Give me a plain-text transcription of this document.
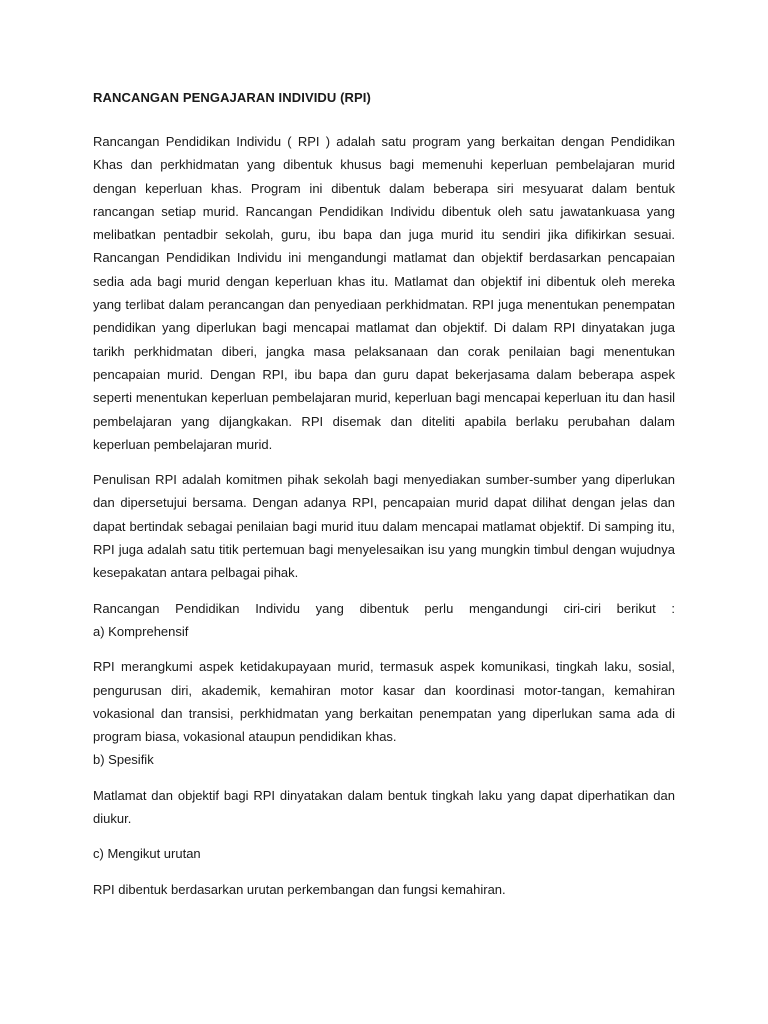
RANCANGAN PENGAJARAN INDIVIDU (RPI)

Rancangan Pendidikan Individu ( RPI ) adalah satu program yang berkaitan dengan Pendidikan Khas dan perkhidmatan yang dibentuk khusus bagi memenuhi keperluan pembelajaran murid dengan keperluan khas. Program ini dibentuk dalam beberapa siri mesyuarat dalam bentuk rancangan setiap murid. Rancangan Pendidikan Individu dibentuk oleh satu jawatankuasa yang melibatkan pentadbir sekolah, guru, ibu bapa dan juga murid itu sendiri jika difikirkan sesuai. Rancangan Pendidikan Individu ini mengandungi matlamat dan objektif berdasarkan pencapaian sedia ada bagi murid dengan keperluan khas itu. Matlamat dan objektif ini dibentuk oleh mereka yang terlibat dalam perancangan dan penyediaan perkhidmatan. RPI juga menentukan penempatan pendidikan yang diperlukan bagi mencapai matlamat dan objektif. Di dalam RPI dinyatakan juga tarikh perkhidmatan diberi, jangka masa pelaksanaan dan corak penilaian bagi menentukan pencapaian murid. Dengan RPI, ibu bapa dan guru dapat bekerjasama dalam beberapa aspek seperti menentukan keperluan pembelajaran murid, keperluan bagi mencapai keperluan itu dan hasil pembelajaran yang dijangkakan. RPI disemak dan diteliti apabila berlaku perubahan dalam keperluan pembelajaran murid.

Penulisan RPI adalah komitmen pihak sekolah bagi menyediakan sumber-sumber yang diperlukan dan dipersetujui bersama. Dengan adanya RPI, pencapaian murid dapat dilihat dengan jelas dan dapat bertindak sebagai penilaian bagi murid ituu dalam mencapai matlamat objektif. Di samping itu, RPI juga adalah satu titik pertemuan bagi menyelesaikan isu yang mungkin timbul dengan wujudnya kesepakatan antara pelbagai pihak.

Rancangan Pendidikan Individu yang dibentuk perlu mengandungi ciri-ciri berikut :

a) Komprehensif

RPI merangkumi aspek ketidakupayaan murid, termasuk aspek komunikasi, tingkah laku, sosial, pengurusan diri, akademik, kemahiran motor kasar dan koordinasi motor-tangan, kemahiran vokasional dan transisi, perkhidmatan yang berkaitan penempatan yang diperlukan sama ada di program biasa, vokasional ataupun pendidikan khas.

b) Spesifik

Matlamat dan objektif bagi RPI dinyatakan dalam bentuk tingkah laku yang dapat diperhatikan dan diukur.

c) Mengikut urutan

RPI dibentuk berdasarkan urutan perkembangan dan fungsi kemahiran.
